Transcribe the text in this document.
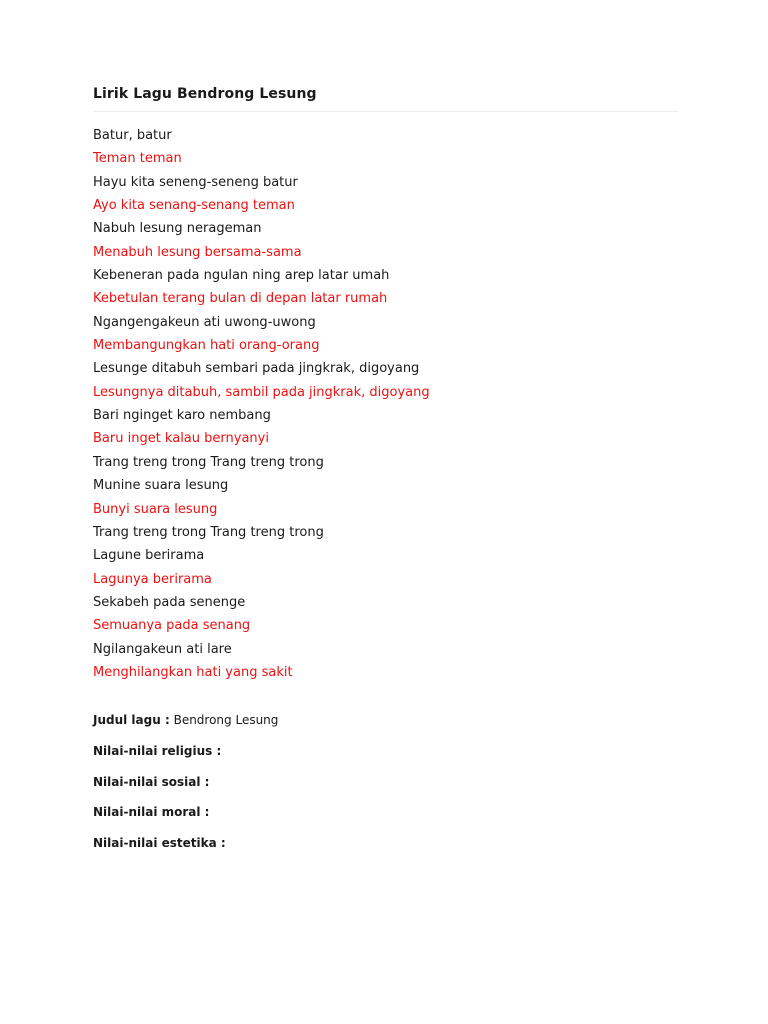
Lirik Lagu Bendrong Lesung
Batur, batur
Teman teman
Hayu kita seneng-seneng batur
Ayo kita senang-senang teman
Nabuh lesung nerageman
Menabuh lesung bersama-sama
Kebeneran pada ngulan ning arep latar umah
Kebetulan terang bulan di depan latar rumah
Ngangengakeun ati uwong-uwong
Membangungkan hati orang-orang
Lesunge ditabuh sembari pada jingkrak, digoyang
Lesungnya ditabuh, sambil pada jingkrak, digoyang
Bari nginget karo nembang
Baru inget kalau bernyanyi
Trang treng trong Trang treng trong
Munine suara lesung
Bunyi suara lesung
Trang treng trong Trang treng trong
Lagune berirama
Lagunya berirama
Sekabeh pada senenge
Semuanya pada senang
Ngilangakeun ati lare
Menghilangkan hati yang sakit
Judul lagu : Bendrong Lesung
Nilai-nilai religius :
Nilai-nilai sosial :
Nilai-nilai moral :
Nilai-nilai estetika :
